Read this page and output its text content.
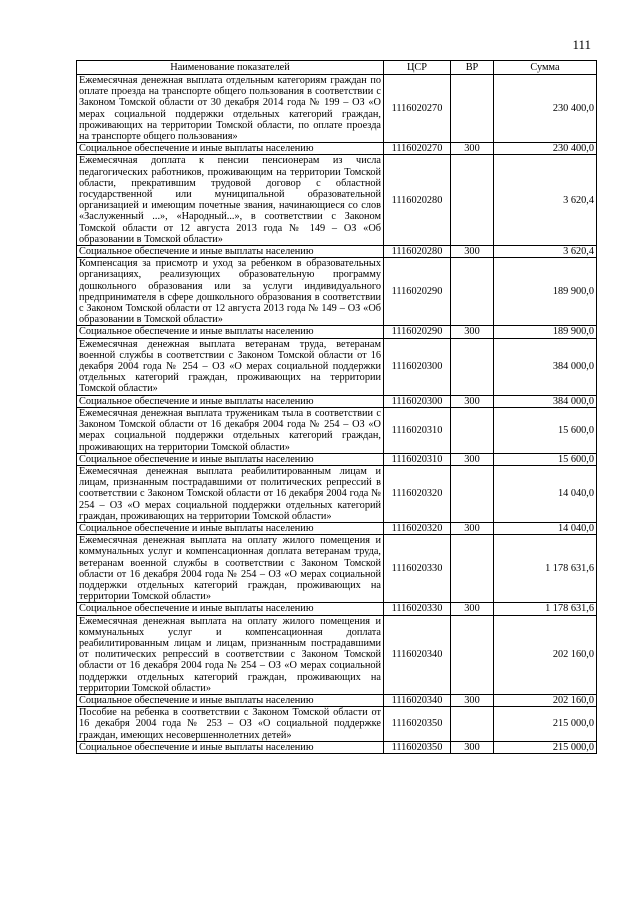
111
Наименование показателей	ЦСР	ВР	Сумма
Ежемесячная денежная выплата отдельным категориям граждан по оплате проезда на транспорте общего пользования в соответствии с Законом Томской области от 30 декабря 2014 года № 199 – ОЗ «О мерах социальной поддержки отдельных категорий граждан, проживающих на территории Томской области, по оплате проезда на транспорте общего пользования»	1116020270		230 400,0
Социальное обеспечение и иные выплаты населению	1116020270	300	230 400,0
Ежемесячная доплата к пенсии пенсионерам из числа педагогических работников, проживающим на территории Томской области, прекратившим трудовой договор с областной государственной или муниципальной образовательной организацией и имеющим почетные звания, начинающиеся со слов «Заслуженный ...», «Народный...», в соответствии с Законом Томской области от 12 августа 2013 года № 149 – ОЗ «Об образовании в Томской области»	1116020280		3 620,4
Социальное обеспечение и иные выплаты населению	1116020280	300	3 620,4
Компенсация за присмотр и уход за ребенком в образовательных организациях, реализующих образовательную программу дошкольного образования или за услуги индивидуального предпринимателя в сфере дошкольного образования в соответствии с Законом Томской области от 12 августа 2013 года № 149 – ОЗ «Об образовании в Томской области»	1116020290		189 900,0
Социальное обеспечение и иные выплаты населению	1116020290	300	189 900,0
Ежемесячная денежная выплата ветеранам труда, ветеранам военной службы в соответствии с Законом Томской области от 16 декабря 2004 года № 254 – ОЗ «О мерах социальной поддержки отдельных категорий граждан, проживающих на территории Томской области»	1116020300		384 000,0
Социальное обеспечение и иные выплаты населению	1116020300	300	384 000,0
Ежемесячная денежная выплата труженикам тыла в соответствии с Законом Томской области от 16 декабря 2004 года № 254 – ОЗ «О мерах социальной поддержки отдельных категорий граждан, проживающих на территории Томской области»	1116020310		15 600,0
Социальное обеспечение и иные выплаты населению	1116020310	300	15 600,0
Ежемесячная денежная выплата реабилитированным лицам и лицам, признанным пострадавшими от политических репрессий в соответствии с Законом Томской области от 16 декабря 2004 года № 254 – ОЗ «О мерах социальной поддержки отдельных категорий граждан, проживающих на территории Томской области»	1116020320		14 040,0
Социальное обеспечение и иные выплаты населению	1116020320	300	14 040,0
Ежемесячная денежная выплата на оплату жилого помещения и коммунальных услуг и компенсационная доплата ветеранам труда, ветеранам военной службы в соответствии с Законом Томской области от 16 декабря 2004 года № 254 – ОЗ «О мерах социальной поддержки отдельных категорий граждан, проживающих на территории Томской области»	1116020330		1 178 631,6
Социальное обеспечение и иные выплаты населению	1116020330	300	1 178 631,6
Ежемесячная денежная выплата на оплату жилого помещения и коммунальных услуг и компенсационная доплата реабилитированным лицам и лицам, признанным пострадавшими от политических репрессий в соответствии с Законом Томской области от 16 декабря 2004 года № 254 – ОЗ «О мерах социальной поддержки отдельных категорий граждан, проживающих на территории Томской области»	1116020340		202 160,0
Социальное обеспечение и иные выплаты населению	1116020340	300	202 160,0
Пособие на ребенка в соответствии с Законом Томской области от 16 декабря 2004 года № 253 – ОЗ «О социальной поддержке граждан, имеющих несовершеннолетних детей»	1116020350		215 000,0
Социальное обеспечение и иные выплаты населению	1116020350	300	215 000,0
